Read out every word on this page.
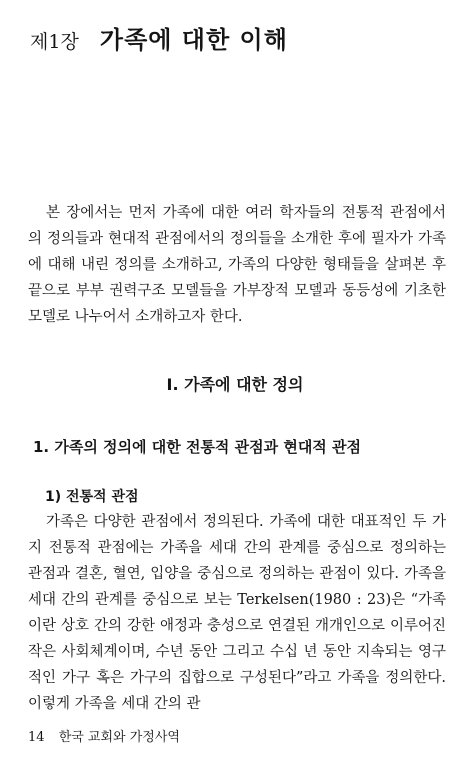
제1장 가족에 대한 이해

본 장에서는 먼저 가족에 대한 여러 학자들의 전통적 관점에서의 정의들과 현대적 관점에서의 정의들을 소개한 후에 필자가 가족에 대해 내린 정의를 소개하고, 가족의 다양한 형태들을 살펴본 후 끝으로 부부 권력구조 모델들을 가부장적 모델과 동등성에 기초한 모델로 나누어서 소개하고자 한다.

I. 가족에 대한 정의
1. 가족의 정의에 대한 전통적 관점과 현대적 관점
1) 전통적 관점

가족은 다양한 관점에서 정의된다. 가족에 대한 대표적인 두 가지 전통적 관점에는 가족을 세대 간의 관계를 중심으로 정의하는 관점과 결혼, 혈연, 입양을 중심으로 정의하는 관점이 있다. 가족을 세대 간의 관계를 중심으로 보는 Terkelsen(1980 : 23)은 “가족이란 상호 간의 강한 애정과 충성으로 연결된 개개인으로 이루어진 작은 사회체계이며, 수년 동안 그리고 수십 년 동안 지속되는 영구적인 가구 혹은 가구의 집합으로 구성된다”라고 가족을 정의한다. 이렇게 가족을 세대 간의 관

14 한국 교회와 가정사역
